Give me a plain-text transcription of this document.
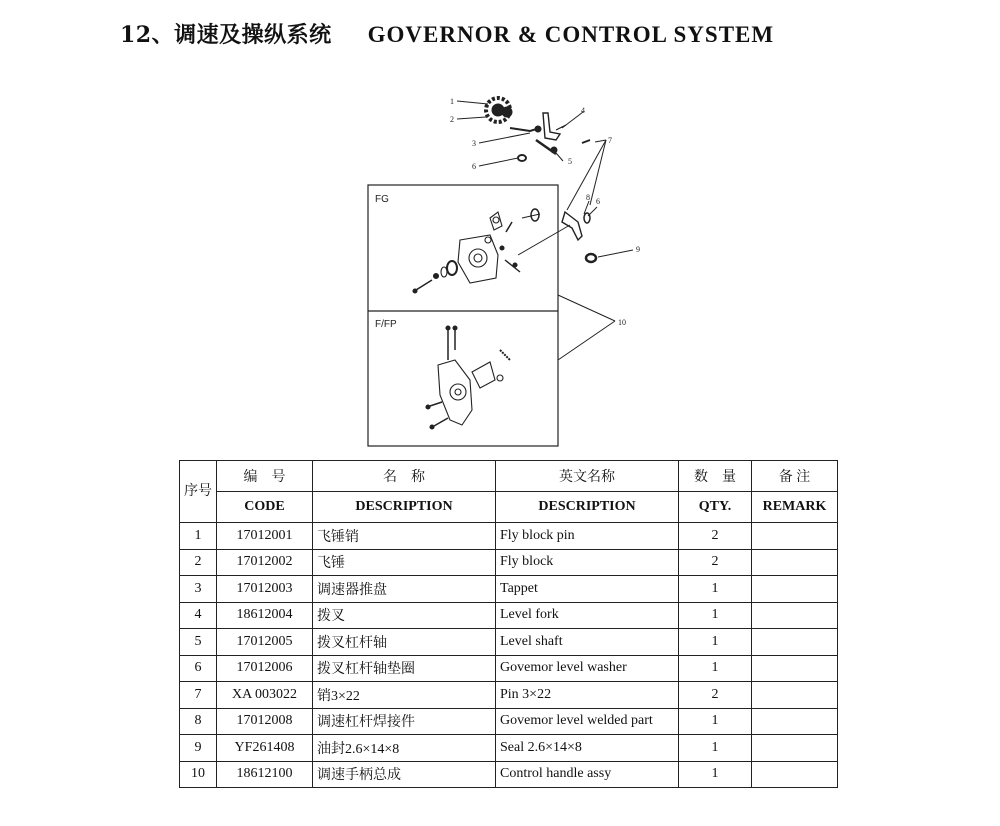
12、调速及操纵系统 GOVERNOR & CONTROL SYSTEM
1
2
3
4
5
6
7
8 6
9
10
FG
F/FP
序号	编　号	名　称	英文名称	数　量	备 注
	CODE	DESCRIPTION	DESCRIPTION	QTY.	REMARK
1	17012001	飞锤销	Fly block pin	2	
2	17012002	飞锤	Fly block	2	
3	17012003	调速器推盘	Tappet	1	
4	18612004	拨叉	Level fork	1	
5	17012005	拨叉杠杆轴	Level shaft	1	
6	17012006	拨叉杠杆轴垫圈	Govemor level washer	1	
7	XA 003022	销3×22	Pin 3×22	2	
8	17012008	调速杠杆焊接件	Govemor level welded part	1	
9	YF261408	油封2.6×14×8	Seal 2.6×14×8	1	
10	18612100	调速手柄总成	Control handle assy	1	
